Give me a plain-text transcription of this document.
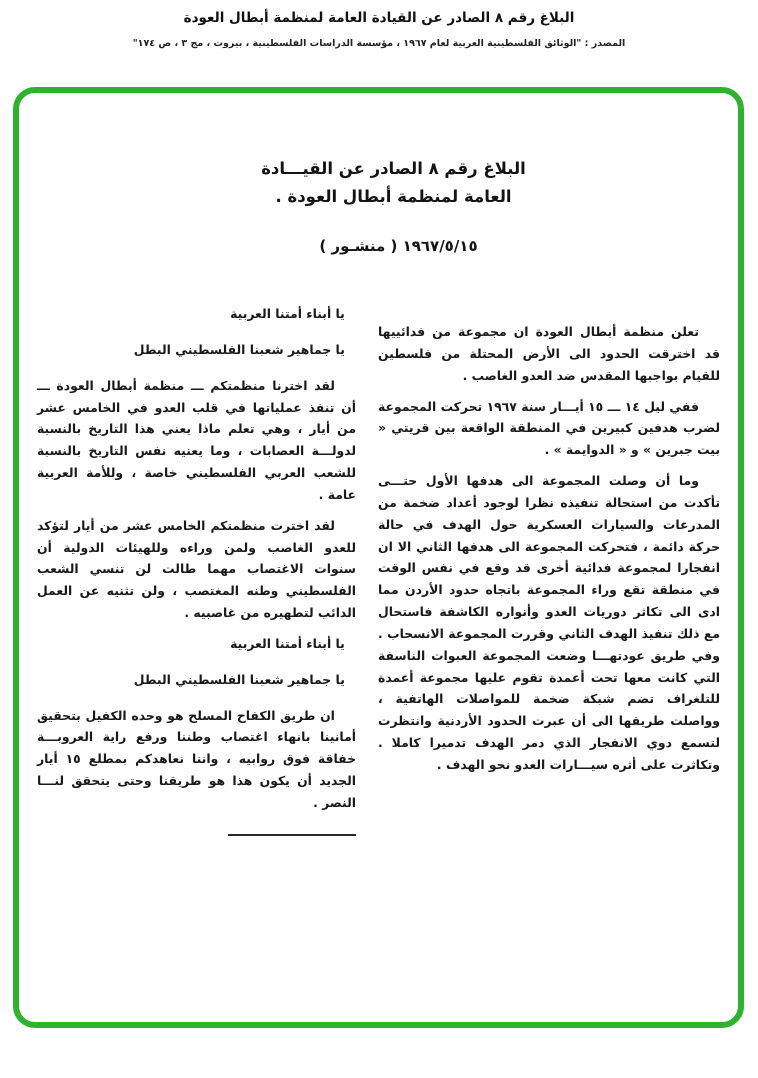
البلاغ رقم ٨ الصادر عن القيادة العامة لمنظمة أبطال العودة
المصدر : "الوثائق الفلسطينية العربية لعام ١٩٦٧ ، مؤسسة الدراسات الفلسطينية ، بيروت ، مج ٣ ، ص ١٧٤"
البلاغ رقم ٨ الصادر عن القيـــادة
العامة لمنظمة أبطال العودة .
١٩٦٧/٥/١٥ ( منشـور )

تعلن منظمة أبطال العودة ان مجموعة من فدائييها قد اخترقت الحدود الى الأرض المحتلة من فلسطين للقيام بواجبها المقدس ضد العدو الغاصب .

ففي ليل ١٤ ـــ ١٥ أيـــار سنة ١٩٦٧ تحركت المجموعة لضرب هدفين كبيرين في المنطقة الواقعة بين قريتي « بيت جبرين » و « الدوايمة » .

وما أن وصلت المجموعة الى هدفها الأول حتـــى تأكدت من استحالة تنفيذه نظرا لوجود أعداد ضخمة من المدرعات والسيارات العسكرية حول الهدف في حالة حركة دائمة ، فتحركت المجموعة الى هدفها الثاني الا ان انفجارا لمجموعة فدائية أخرى قد وقع في نفس الوقت في منطقة تقع وراء المجموعة باتجاه حدود الأردن مما ادى الى تكاثر دوريات العدو وأنواره الكاشفة فاستحال مع ذلك تنفيذ الهدف الثاني وقررت المجموعة الانسحاب . وفي طريق عودتهـــا وضعت المجموعة العبوات الناسفة التي كانت معها تحت أعمدة تقوم عليها مجموعة أعمدة للتلغراف تضم شبكة ضخمة للمواصلات الهاتفية ، وواصلت طريقها الى أن عبرت الحدود الأردنية وانتظرت لتسمع دوي الانفجار الذي دمر الهدف تدميرا كاملا . وتكاثرت على أثره سيـــارات العدو نحو الهدف .

يا أبناء أمتنا العربية

يا جماهير شعبنا الفلسطيني البطل

لقد اخترنا منظمتكم ـــ منظمة أبطال العودة ـــ أن تنفذ عملياتها في قلب العدو في الخامس عشر من أيار ، وهي تعلم ماذا يعني هذا التاريخ بالنسبة لدولـــة العصابات ، وما يعنيه نفس التاريخ بالنسبة للشعب العربي الفلسطيني خاصة ، وللأمة العربية عامة .

لقد اخترت منظمتكم الخامس عشر من أيار لتؤكد للعدو الغاصب ولمن وراءه وللهيئات الدولية أن سنوات الاغتصاب مهما طالت لن تنسي الشعب الفلسطيني وطنه المغتصب ، ولن تثنيه عن العمل الدائب لتطهيره من غاصبيه .

يا أبناء أمتنا العربية

يا جماهير شعبنا الفلسطيني البطل

ان طريق الكفاح المسلح هو وحده الكفيل بتحقيق أمانينا بانهاء اغتصاب وطننا ورفع راية العروبـــة خفاقة فوق روابيه ، واننا نعاهدكم بمطلع ١٥ أيار الجديد أن يكون هذا هو طريقنا وحتى يتحقق لنـــا النصر .
